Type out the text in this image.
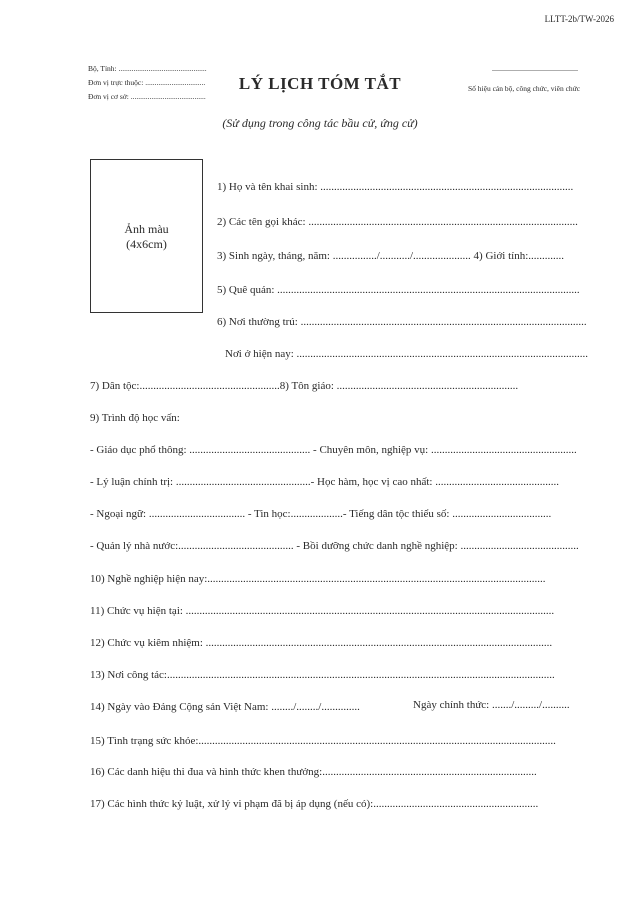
LLTT-2b/TW-2026
Bộ, Tỉnh: ...............................................
Đơn vị trực thuộc: ................................
Đơn vị cơ sở: ........................................
LÝ LỊCH TÓM TẮT
...........................................
Số hiệu cán bộ, công chức, viên chức
(Sử dụng trong công tác bầu cử, ứng cử)
Ảnh màu
(4x6cm)
1) Họ và tên khai sinh: ............................................................................................
2) Các tên gọi khác: ..................................................................................................
3) Sinh ngày, tháng, năm: ................/.........../..................... 4) Giới tính:.............
5) Quê quán: ..............................................................................................................
6) Nơi thường trú: ........................................................................................................
Nơi ở hiện nay: ..........................................................................................................
7) Dân tộc:...................................................8) Tôn giáo: ..................................................................
9) Trình độ học vấn:
- Giáo dục phổ thông: ............................................ - Chuyên môn, nghiệp vụ: .....................................................
- Lý luận chính trị: .................................................- Học hàm, học vị cao nhất: .............................................
- Ngoại ngữ: ................................... - Tin học:...................- Tiếng dân tộc thiểu số: ....................................
- Quản lý nhà nước:.......................................... - Bồi dưỡng chức danh nghề nghiệp: ...........................................
10) Nghề nghiệp hiện nay:...........................................................................................................................
11) Chức vụ hiện tại: ......................................................................................................................................
12) Chức vụ kiêm nhiệm: ..............................................................................................................................
13) Nơi công tác:.............................................................................................................................................
14) Ngày vào Đảng Cộng sản Việt Nam: ......../......../..............	Ngày chính thức: ......./........./..........
15) Tình trạng sức khỏe:..................................................................................................................................
16) Các danh hiệu thi đua và hình thức khen thưởng:..............................................................................
17) Các hình thức kỷ luật, xử lý vi phạm đã bị áp dụng (nếu có):............................................................
